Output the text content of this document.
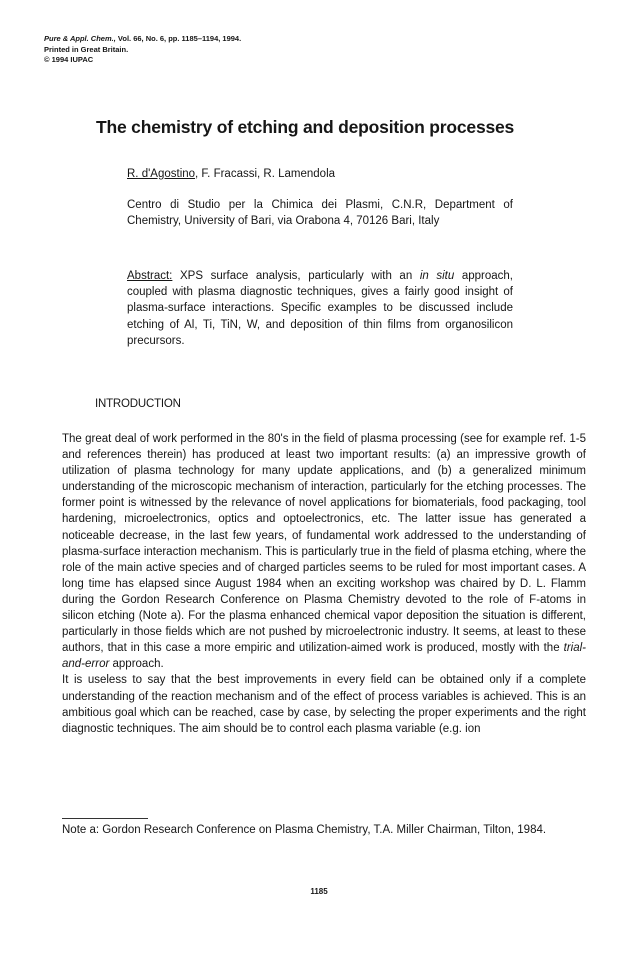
Pure & Appl. Chem., Vol. 66, No. 6, pp. 1185–1194, 1994.
Printed in Great Britain.
© 1994 IUPAC
The chemistry of etching and deposition processes
R. d'Agostino, F. Fracassi, R. Lamendola
Centro di Studio per la Chimica dei Plasmi, C.N.R, Department of Chemistry, University of Bari, via Orabona 4, 70126 Bari, Italy
Abstract: XPS surface analysis, particularly with an in situ approach, coupled with plasma diagnostic techniques, gives a fairly good insight of plasma-surface interactions. Specific examples to be discussed include etching of Al, Ti, TiN, W, and deposition of thin films from organosilicon precursors.
INTRODUCTION

The great deal of work performed in the 80's in the field of plasma processing (see for example ref. 1-5 and references therein) has produced at least two important results: (a) an impressive growth of utilization of plasma technology for many update applications, and (b) a generalized minimum understanding of the microscopic mechanism of interaction, particularly for the etching processes. The former point is witnessed by the relevance of novel applications for biomaterials, food packaging, tool hardening, microelectronics, optics and optoelectronics, etc. The latter issue has generated a noticeable decrease, in the last few years, of fundamental work addressed to the understanding of plasma-surface interaction mechanism. This is particularly true in the field of plasma etching, where the role of the main active species and of charged particles seems to be ruled for most important cases. A long time has elapsed since August 1984 when an exciting workshop was chaired by D. L. Flamm during the Gordon Research Conference on Plasma Chemistry devoted to the role of F-atoms in silicon etching (Note a). For the plasma enhanced chemical vapor deposition the situation is different, particularly in those fields which are not pushed by microelectronic industry. It seems, at least to these authors, that in this case a more empiric and utilization-aimed work is produced, mostly with the trial-and-error approach.

It is useless to say that the best improvements in every field can be obtained only if a complete understanding of the reaction mechanism and of the effect of process variables is achieved. This is an ambitious goal which can be reached, case by case, by selecting the proper experiments and the right diagnostic techniques. The aim should be to control each plasma variable (e.g. ion

Note a: Gordon Research Conference on Plasma Chemistry, T.A. Miller Chairman, Tilton, 1984.
1185
